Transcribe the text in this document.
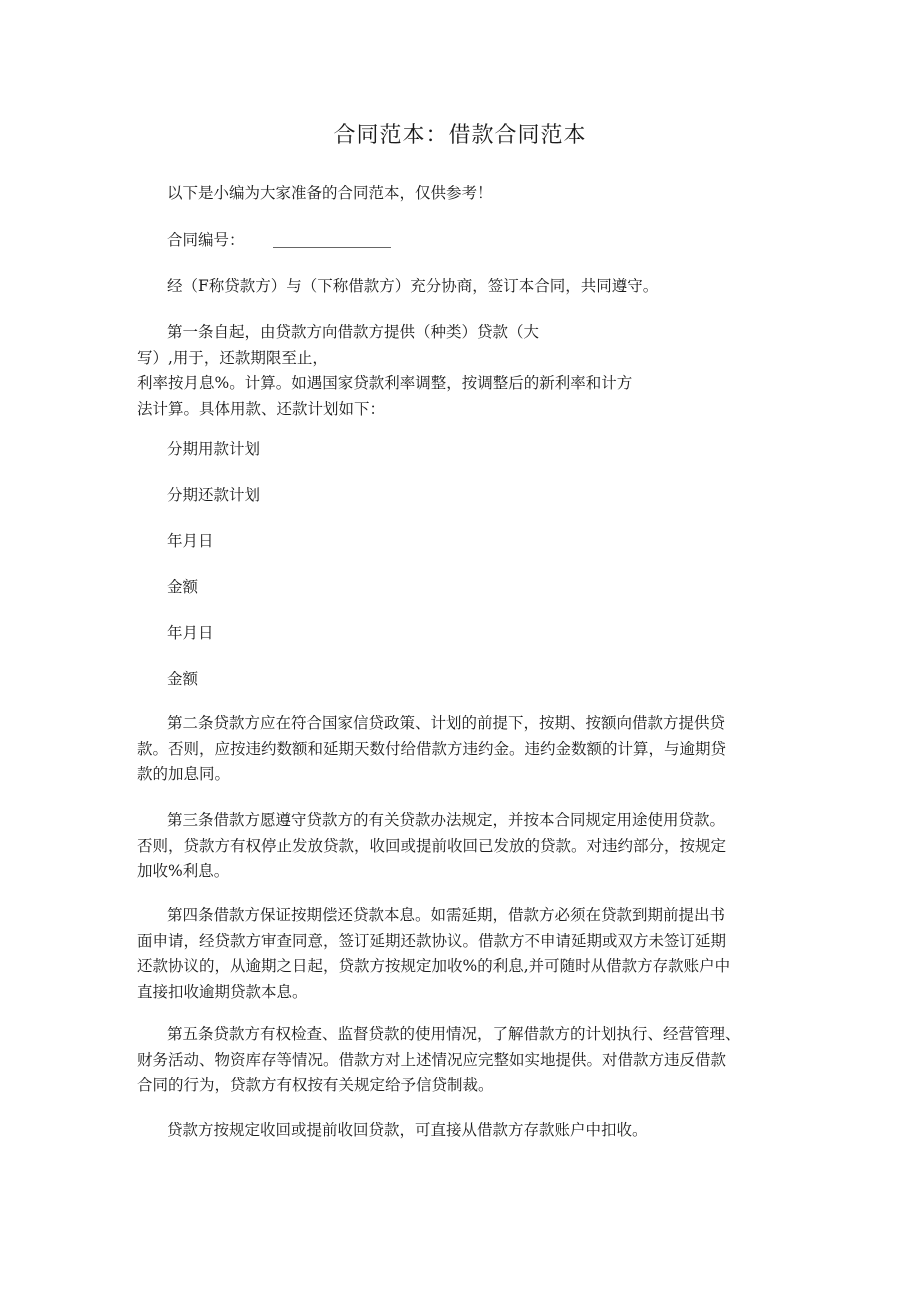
合同范本：借款合同范本

以下是小编为大家准备的合同范本，仅供参考！

合同编号：

经（F称贷款方）与（下称借款方）充分协商，签订本合同，共同遵守。

第一条自起，由贷款方向借款方提供（种类）贷款（大
写）,用于，还款期限至止，
利率按月息%。计算。如遇国家贷款利率调整，按调整后的新利率和计方
法计算。具体用款、还款计划如下：

分期用款计划

分期还款计划

年月日

金额

年月日

金额

第二条贷款方应在符合国家信贷政策、计划的前提下，按期、按额向借款方提供贷
款。否则，应按违约数额和延期天数付给借款方违约金。违约金数额的计算，与逾期贷
款的加息同。
第三条借款方愿遵守贷款方的有关贷款办法规定，并按本合同规定用途使用贷款。
否则，贷款方有权停止发放贷款，收回或提前收回已发放的贷款。对违约部分，按规定
加收%利息。
第四条借款方保证按期偿还贷款本息。如需延期，借款方必须在贷款到期前提出书
面申请，经贷款方审查同意，签订延期还款协议。借款方不申请延期或双方未签订延期
还款协议的，从逾期之日起，贷款方按规定加收%的利息,并可随时从借款方存款账户中
直接扣收逾期贷款本息。
第五条贷款方有权检查、监督贷款的使用情况，了解借款方的计划执行、经营管理、
财务活动、物资库存等情况。借款方对上述情况应完整如实地提供。对借款方违反借款
合同的行为，贷款方有权按有关规定给予信贷制裁。

贷款方按规定收回或提前收回贷款，可直接从借款方存款账户中扣收。
